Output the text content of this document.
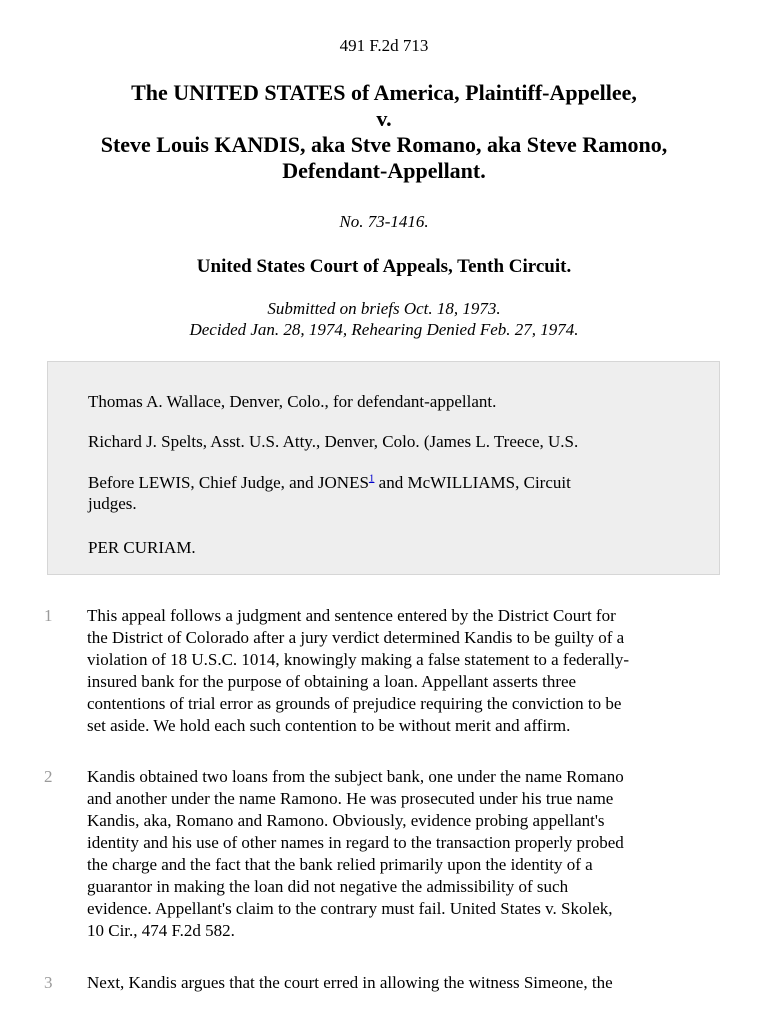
491 F.2d 713
The UNITED STATES of America, Plaintiff-Appellee,
v.
Steve Louis KANDIS, aka Stve Romano, aka Steve Ramono,
Defendant-Appellant.
No. 73-1416.
United States Court of Appeals, Tenth Circuit.
Submitted on briefs Oct. 18, 1973.
Decided Jan. 28, 1974, Rehearing Denied Feb. 27, 1974.
Thomas A. Wallace, Denver, Colo., for defendant-appellant.
Richard J. Spelts, Asst. U.S. Atty., Denver, Colo. (James L. Treece, U.S.
Before LEWIS, Chief Judge, and JONES$^1$ and McWILLIAMS, Circuit
judges.
PER CURIAM.
1 This appeal follows a judgment and sentence entered by the District Court for
the District of Colorado after a jury verdict determined Kandis to be guilty of a
violation of 18 U.S.C. 1014, knowingly making a false statement to a federally-
insured bank for the purpose of obtaining a loan. Appellant asserts three
contentions of trial error as grounds of prejudice requiring the conviction to be
set aside. We hold each such contention to be without merit and affirm.
2 Kandis obtained two loans from the subject bank, one under the name Romano
and another under the name Ramono. He was prosecuted under his true name
Kandis, aka, Romano and Ramono. Obviously, evidence probing appellant's
identity and his use of other names in regard to the transaction properly probed
the charge and the fact that the bank relied primarily upon the identity of a
guarantor in making the loan did not negative the admissibility of such
evidence. Appellant's claim to the contrary must fail. United States v. Skolek,
10 Cir., 474 F.2d 582.
3 Next, Kandis argues that the court erred in allowing the witness Simeone, the
